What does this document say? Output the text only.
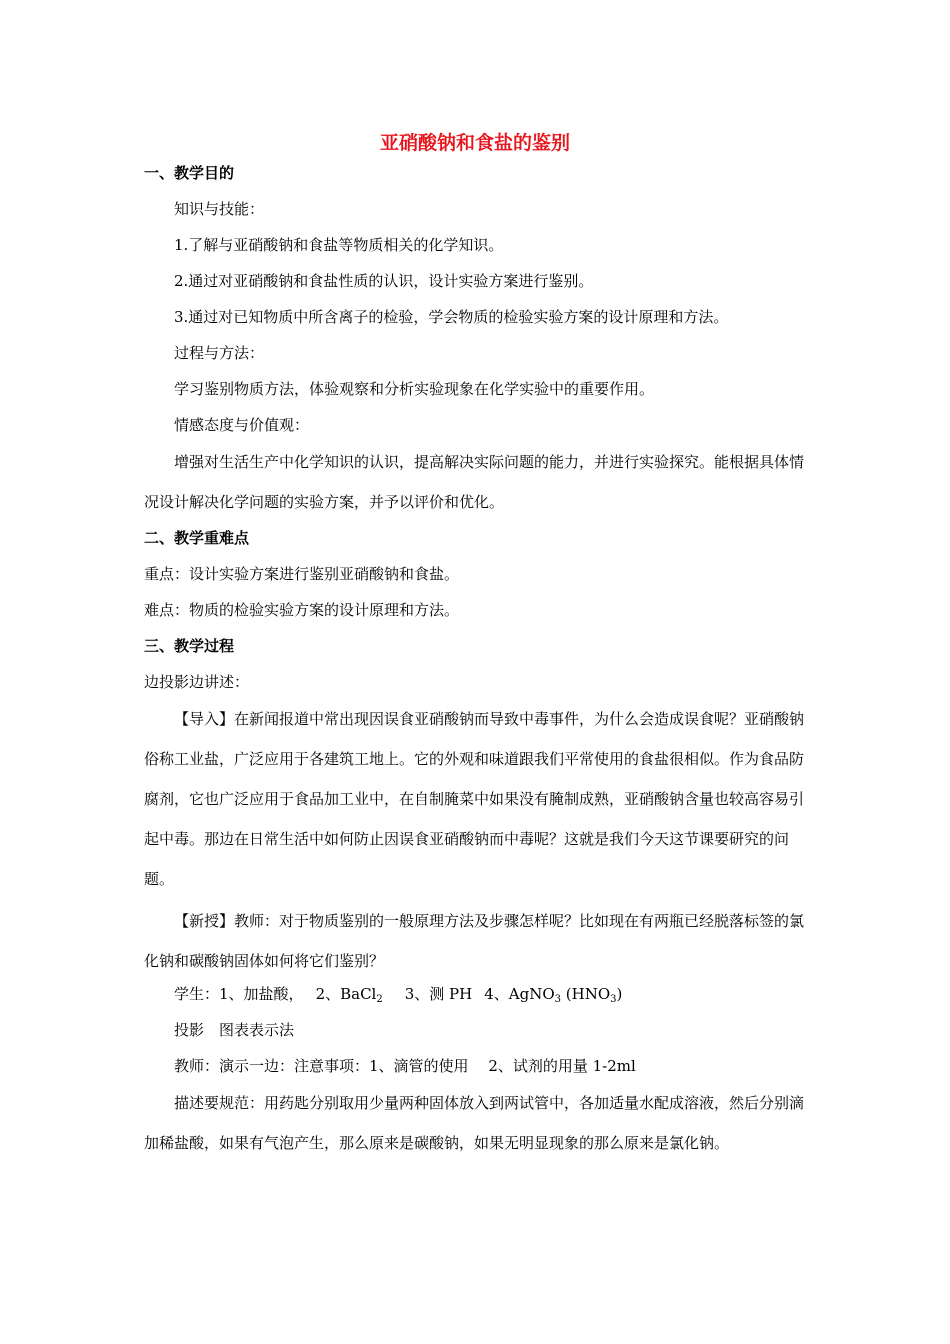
亚硝酸钠和食盐的鉴别
一、教学目的

知识与技能：

1.了解与亚硝酸钠和食盐等物质相关的化学知识。

2.通过对亚硝酸钠和食盐性质的认识，设计实验方案进行鉴别。

3.通过对已知物质中所含离子的检验，学会物质的检验实验方案的设计原理和方法。

过程与方法：

学习鉴别物质方法，体验观察和分析实验现象在化学实验中的重要作用。

情感态度与价值观：

增强对生活生产中化学知识的认识，提高解决实际问题的能力，并进行实验探究。能根据具体情况设计解决化学问题的实验方案，并予以评价和优化。

二、教学重难点

重点：设计实验方案进行鉴别亚硝酸钠和食盐。

难点：物质的检验实验方案的设计原理和方法。

三、教学过程

边投影边讲述：

【导入】在新闻报道中常出现因误食亚硝酸钠而导致中毒事件，为什么会造成误食呢？亚硝酸钠俗称工业盐，广泛应用于各建筑工地上。它的外观和味道跟我们平常使用的食盐很相似。作为食品防腐剂，它也广泛应用于食品加工业中，在自制腌菜中如果没有腌制成熟，亚硝酸钠含量也较高容易引起中毒。那边在日常生活中如何防止因误食亚硝酸钠而中毒呢？这就是我们今天这节课要研究的问题。

【新授】教师：对于物质鉴别的一般原理方法及步骤怎样呢？比如现在有两瓶已经脱落标签的氯化钠和碳酸钠固体如何将它们鉴别？

学生：1、加盐酸， 2、BaCl$_2$ 3、测 PH 4、AgNO$_3$ $(HNO_3)$

投影　图表表示法

教师：演示一边：注意事项：1、滴管的使用　 2、试剂的用量 1-2ml

描述要规范：用药匙分别取用少量两种固体放入到两试管中，各加适量水配成溶液，然后分别滴加稀盐酸，如果有气泡产生，那么原来是碳酸钠，如果无明显现象的那么原来是氯化钠。
